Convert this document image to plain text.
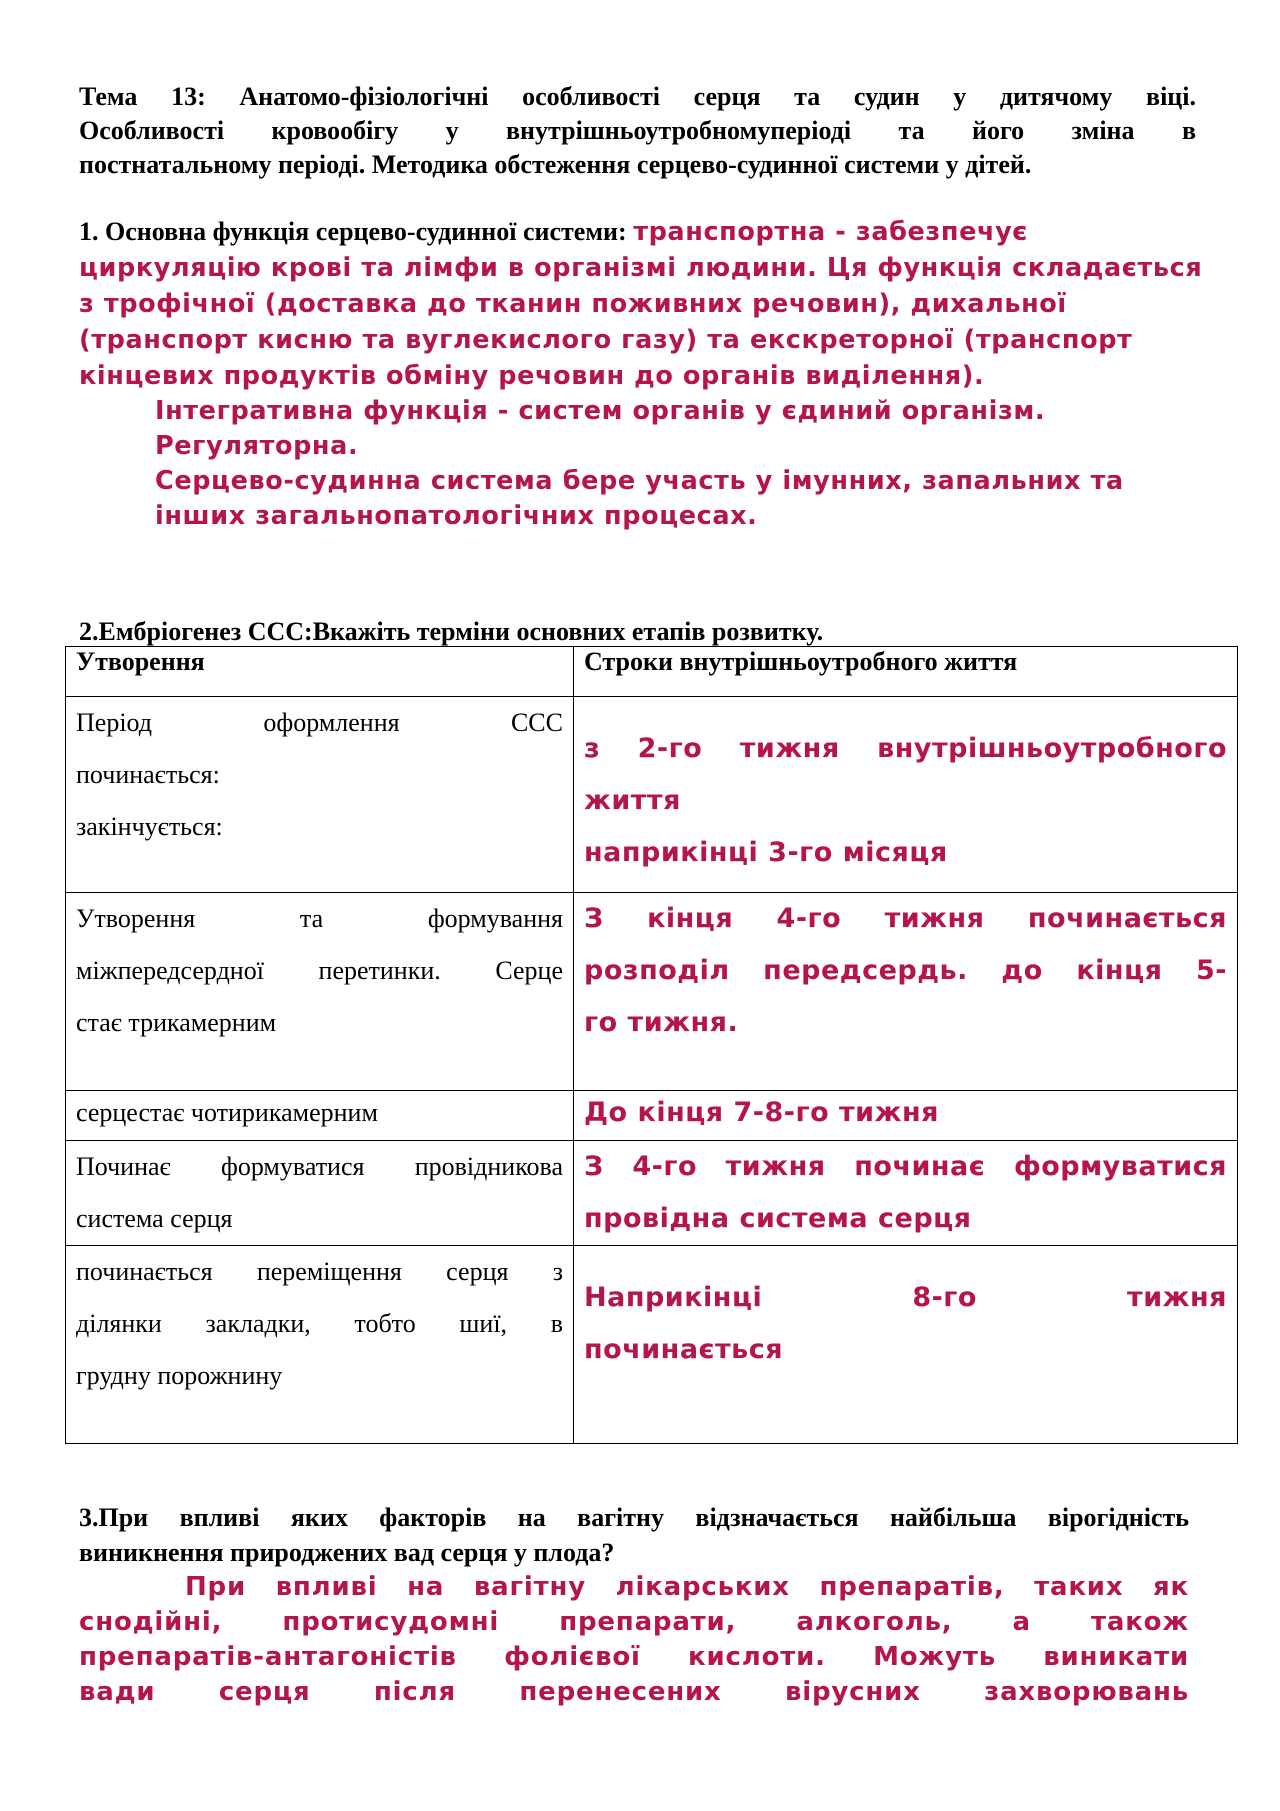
Тема 13: Анатомо-фізіологічні особливості серця та судин у дитячому віці.
Особливості кровообігу у внутрішньоутробномуперіоді та його зміна в
постнатальному періоді. Методика обстеження серцево-судинної системи у дітей.
1. Основна функція серцево-судинної системи: транспортна - забезпечує циркуляцію крові та лімфи в організмі людини. Ця функція складається з трофічної (доставка до тканин поживних речовин), дихальної (транспорт кисню та вуглекислого газу) та екскреторної (транспорт кінцевих продуктів обміну речовин до органів виділення).
Інтегративна функція - систем органів у єдиний організм. Регуляторна.
Серцево-судинна система бере участь у імунних, запальних та інших загальнопатологічних процесах.
2.Ембріогенез ССС:Вкажіть терміни основних етапів розвитку.
Утворення	Строки внутрішньоутробного життя

Період оформлення ССС
починається:
закінчується:	з 2-го тижня внутрішньоутробного
життя
наприкінці 3-го місяця

Утворення та формування
міжпередсердної перетинки. Серце
стає трикамерним	З кінця 4-го тижня починається
розподіл передсердь. до кінця 5-
го тижня.

серцестає чотирикамерним	До кінця 7-8-го тижня

Починає формуватися провідникова
система серця	З 4-го тижня починає формуватися
провідна система серця

починається переміщення серця з
ділянки закладки, тобто шиї, в
грудну порожнину	Наприкінці 8-го тижня
починається
3.При впливі яких факторів на вагітну відзначається найбільша вірогідність
виникнення природжених вад серця у плода?
При впливі на вагітну лікарських препаратів, таких як
снодійні, протисудомні препарати, алкоголь, а також
препаратів-антагоністів фолієвої кислоти. Можуть виникати
вади серця після перенесених вірусних захворювань
